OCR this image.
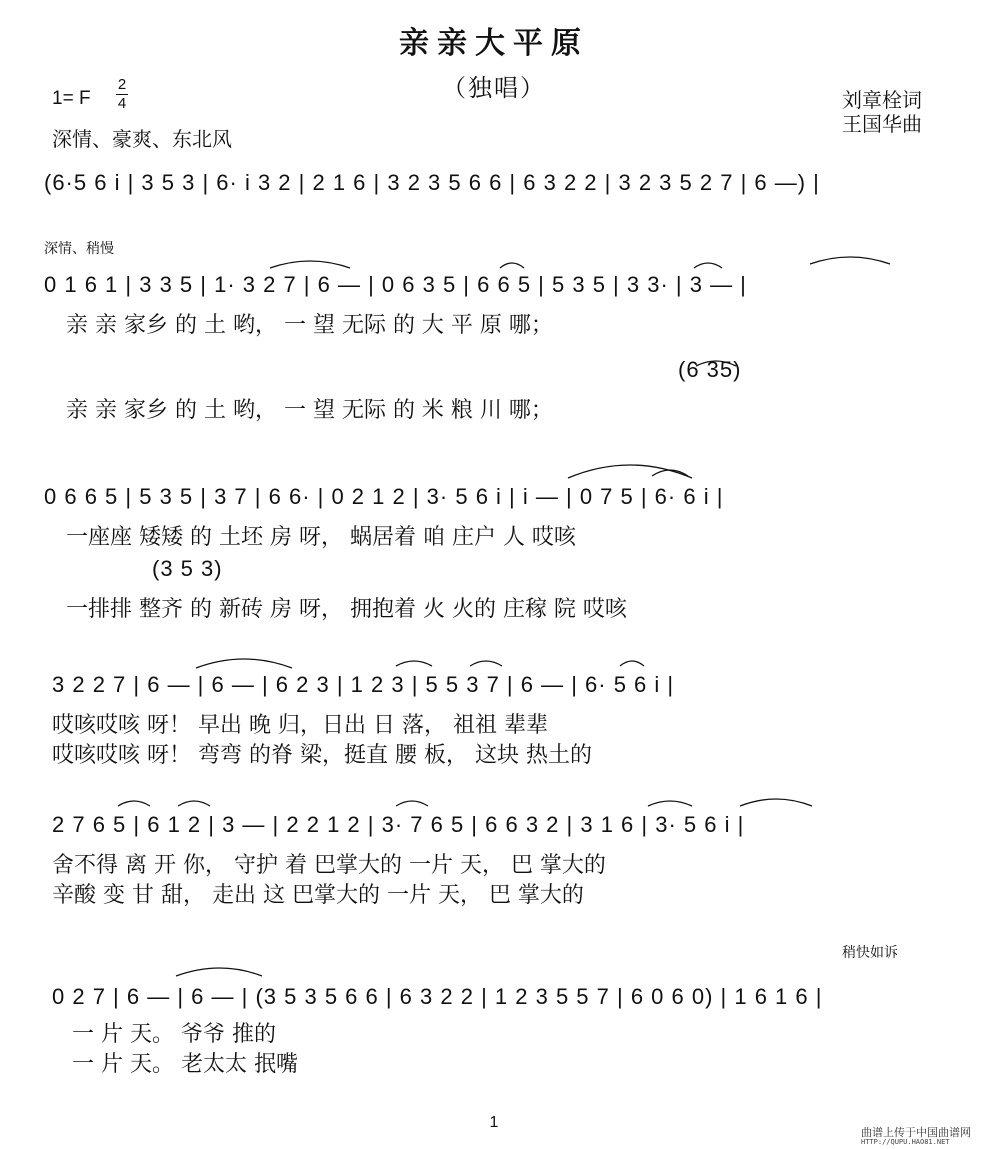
亲亲大平原
（独唱）
1= F
2
4
深情、豪爽、东北风
刘章栓词
王国华曲
(6·5 6 i | 3 5 3 | 6· i 3 2 | 2 1 6 | 3 2 3 5 6 6 | 6 3 2 2 | 3 2 3 5 2 7 | 6 —) |
深情、稍慢
0 1 6 1 | 3 3 5 | 1· 3 2 7 | 6 — | 0 6 3 5 | 6 6 5 | 5 3 5 | 3 3· | 3 — |
亲 亲 家乡 的 土 哟， 一 望 无际 的 大 平 原 哪；
(6 35)
亲 亲 家乡 的 土 哟， 一 望 无际 的 米 粮 川 哪；
0 6 6 5 | 5 3 5 | 3 7 | 6 6· | 0 2 1 2 | 3· 5 6 i | i — | 0 7 5 | 6· 6 i |
一座座 矮矮 的 土坯 房 呀， 蜗居着 咱 庄户 人 哎咳
(3 5 3)
一排排 整齐 的 新砖 房 呀， 拥抱着 火 火的 庄稼 院 哎咳
3 2 2 7 | 6 — | 6 — | 6 2 3 | 1 2 3 | 5 5 3 7 | 6 — | 6· 5 6 i |
哎咳哎咳 呀！ 早出 晚 归，日出 日 落， 祖祖 辈辈
哎咳哎咳 呀！ 弯弯 的脊 梁，挺直 腰 板， 这块 热土的
2 7 6 5 | 6 1 2 | 3 — | 2 2 1 2 | 3· 7 6 5 | 6 6 3 2 | 3 1 6 | 3· 5 6 i |
舍不得 离 开 你， 守护 着 巴掌大的 一片 天， 巴 掌大的
辛酸 变 甘 甜， 走出 这 巴掌大的 一片 天， 巴 掌大的
稍快如诉
0 2 7 | 6 — | 6 — | (3 5 3 5 6 6 | 6 3 2 2 | 1 2 3 5 5 7 | 6 0 6 0) | 1 6 1 6 |
一 片 天。 爷爷 推的
一 片 天。 老太太 抿嘴
1
曲谱上传于中国曲谱网
HTTP://QUPU.HAO81.NET
